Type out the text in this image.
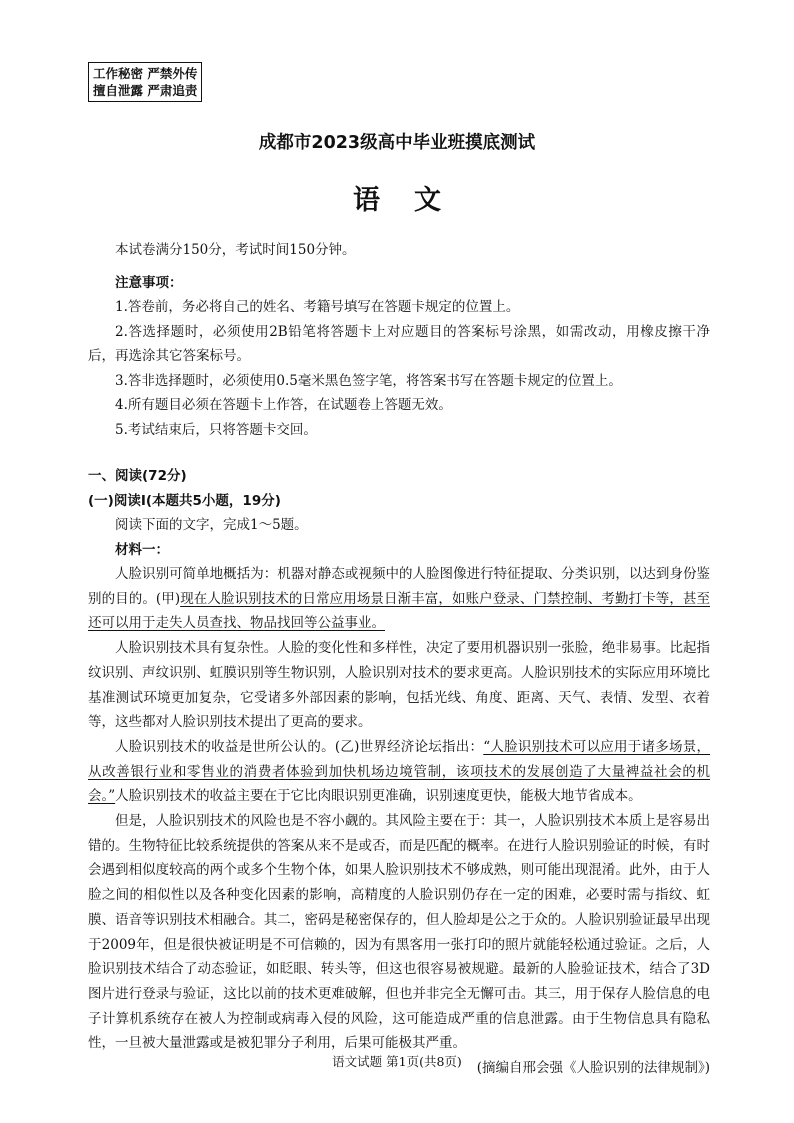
工作秘密 严禁外传
擅自泄露 严肃追责
成都市2023级高中毕业班摸底测试
语文

本试卷满分150分，考试时间150分钟。

注意事项：

1.答卷前，务必将自己的姓名、考籍号填写在答题卡规定的位置上。

2.答选择题时，必须使用2B铅笔将答题卡上对应题目的答案标号涂黑，如需改动，用橡皮擦干净后，再选涂其它答案标号。

3.答非选择题时，必须使用0.5毫米黑色签字笔，将答案书写在答题卡规定的位置上。

4.所有题目必须在答题卡上作答，在试题卷上答题无效。

5.考试结束后，只将答题卡交回。

一、阅读(72分)

(一)阅读Ⅰ(本题共5小题，19分)

阅读下面的文字，完成1～5题。

材料一：

人脸识别可简单地概括为：机器对静态或视频中的人脸图像进行特征提取、分类识别，以达到身份鉴别的目的。(甲)现在人脸识别技术的日常应用场景日渐丰富，如账户登录、门禁控制、考勤打卡等，甚至还可以用于走失人员查找、物品找回等公益事业。

人脸识别技术具有复杂性。人脸的变化性和多样性，决定了要用机器识别一张脸，绝非易事。比起指纹识别、声纹识别、虹膜识别等生物识别，人脸识别对技术的要求更高。人脸识别技术的实际应用环境比基准测试环境更加复杂，它受诸多外部因素的影响，包括光线、角度、距离、天气、表情、发型、衣着等，这些都对人脸识别技术提出了更高的要求。

人脸识别技术的收益是世所公认的。(乙)世界经济论坛指出：“人脸识别技术可以应用于诸多场景，从改善银行业和零售业的消费者体验到加快机场边境管制，该项技术的发展创造了大量裨益社会的机会。”人脸识别技术的收益主要在于它比肉眼识别更准确，识别速度更快，能极大地节省成本。

但是，人脸识别技术的风险也是不容小觑的。其风险主要在于：其一，人脸识别技术本质上是容易出错的。生物特征比较系统提供的答案从来不是或否，而是匹配的概率。在进行人脸识别验证的时候，有时会遇到相似度较高的两个或多个生物个体，如果人脸识别技术不够成熟，则可能出现混淆。此外，由于人脸之间的相似性以及各种变化因素的影响，高精度的人脸识别仍存在一定的困难，必要时需与指纹、虹膜、语音等识别技术相融合。其二，密码是秘密保存的，但人脸却是公之于众的。人脸识别验证最早出现于2009年，但是很快被证明是不可信赖的，因为有黑客用一张打印的照片就能轻松通过验证。之后，人脸识别技术结合了动态验证，如眨眼、转头等，但这也很容易被规避。最新的人脸验证技术，结合了3D图片进行登录与验证，这比以前的技术更难破解，但也并非完全无懈可击。其三，用于保存人脸信息的电子计算机系统存在被人为控制或病毒入侵的风险，这可能造成严重的信息泄露。由于生物信息具有隐私性，一旦被大量泄露或是被犯罪分子利用，后果可能极其严重。

(摘编自邢会强《人脸识别的法律规制》)

语文试题 第1页(共8页)
